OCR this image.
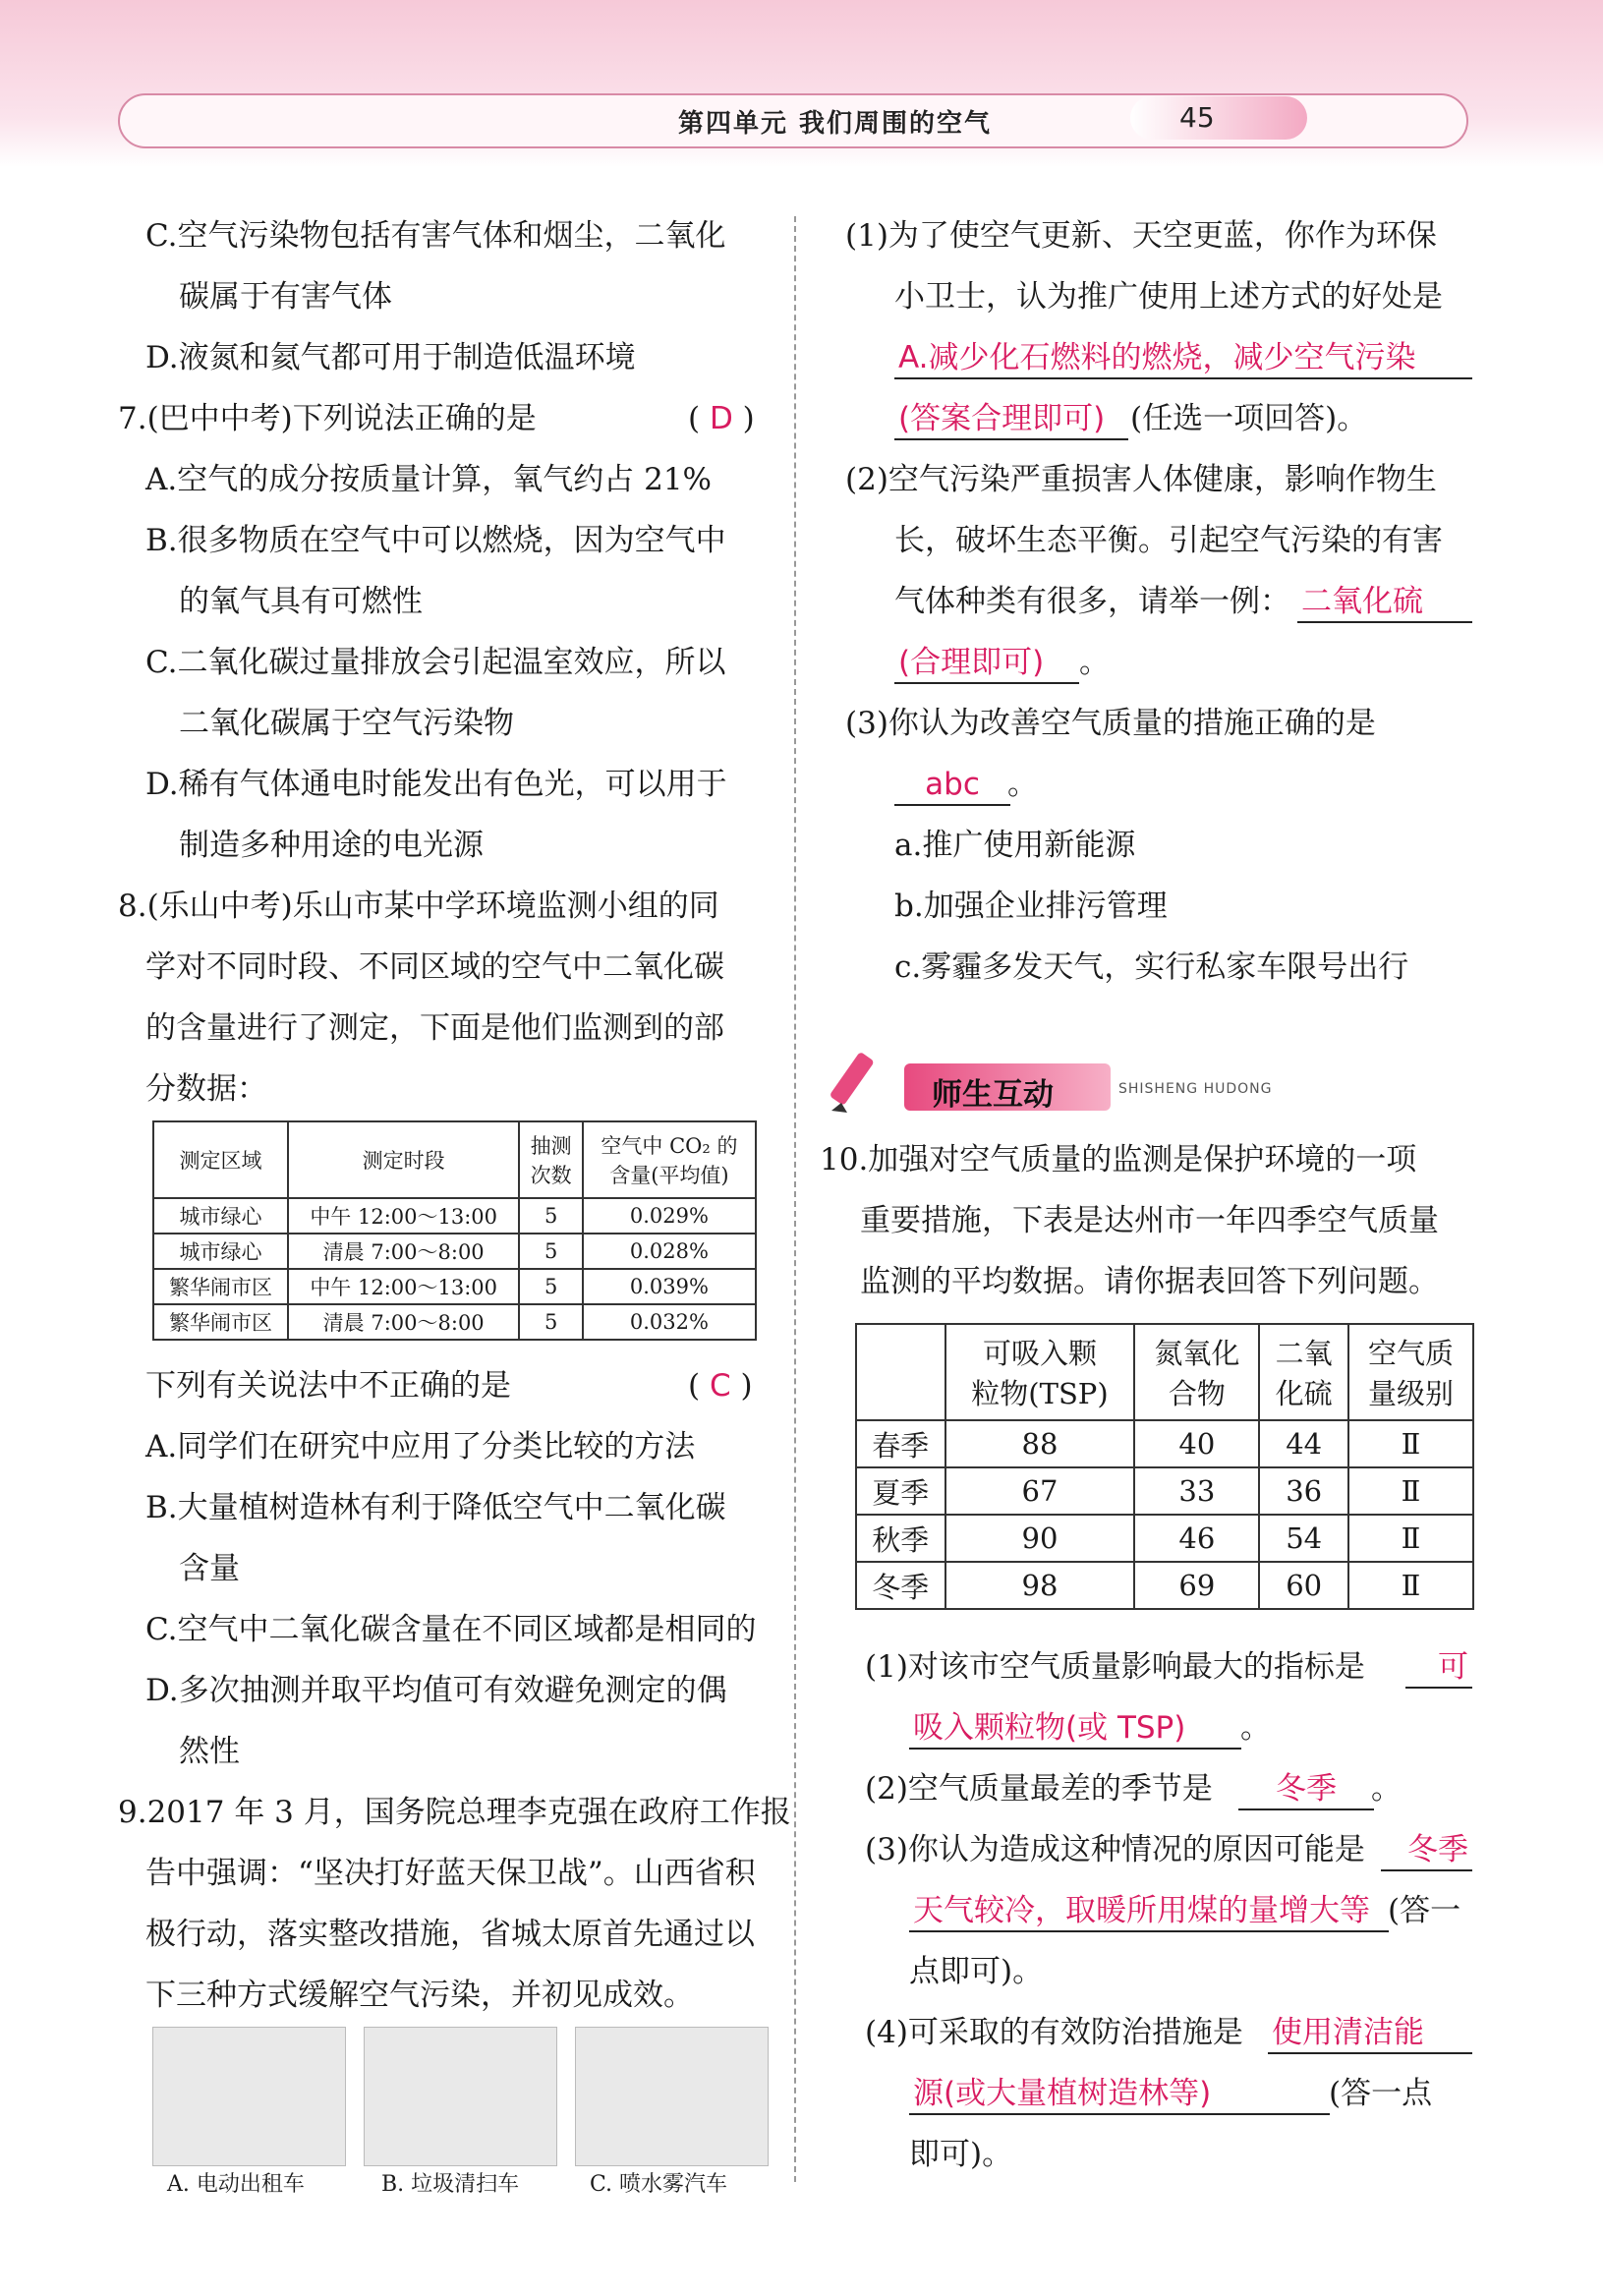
第四单元 我们周围的空气	45
C.空气污染物包括有害气体和烟尘，二氧化
碳属于有害气体
D.液氮和氦气都可用于制造低温环境
7.(巴中中考)下列说法正确的是	( D )
A.空气的成分按质量计算，氧气约占 21%
B.很多物质在空气中可以燃烧，因为空气中
的氧气具有可燃性
C.二氧化碳过量排放会引起温室效应，所以
二氧化碳属于空气污染物
D.稀有气体通电时能发出有色光，可以用于
制造多种用途的电光源
8.(乐山中考)乐山市某中学环境监测小组的同
学对不同时段、不同区域的空气中二氧化碳
的含量进行了测定，下面是他们监测到的部
分数据：
测定区域	测定时段	抽测
次数	空气中 CO₂ 的
含量(平均值)
城市绿心	中午 12:00～13:00	5	0.029%
城市绿心	清晨 7:00～8:00	5	0.028%
繁华闹市区	中午 12:00～13:00	5	0.039%
繁华闹市区	清晨 7:00～8:00	5	0.032%
下列有关说法中不正确的是	( C )
A.同学们在研究中应用了分类比较的方法
B.大量植树造林有利于降低空气中二氧化碳
含量
C.空气中二氧化碳含量在不同区域都是相同的
D.多次抽测并取平均值可有效避免测定的偶
然性
9.2017 年 3 月，国务院总理李克强在政府工作报
告中强调：“坚决打好蓝天保卫战”。山西省积
极行动，落实整改措施，省城太原首先通过以
下三种方式缓解空气污染，并初见成效。
A. 电动出租车	B. 垃圾清扫车	C. 喷水雾汽车
(1)为了使空气更新、天空更蓝，你作为环保
小卫士，认为推广使用上述方式的好处是
A.减少化石燃料的燃烧，减少空气污染
(答案合理即可) (任选一项回答)。
(2)空气污染严重损害人体健康，影响作物生
长，破坏生态平衡。引起空气污染的有害
气体种类有很多，请举一例： 二氧化硫
(合理即可)	。
(3)你认为改善空气质量的措施正确的是
abc 。
a.推广使用新能源
b.加强企业排污管理
c.雾霾多发天气，实行私家车限号出行
师生互动	SHISHENG HUDONG
10.加强对空气质量的监测是保护环境的一项
重要措施，下表是达州市一年四季空气质量
监测的平均数据。请你据表回答下列问题。
	可吸入颗
粒物(TSP)	氮氧化
合物	二氧
化硫	空气质
量级别
春季	88	40	44	Ⅱ
夏季	67	33	36	Ⅱ
秋季	90	46	54	Ⅱ
冬季	98	69	60	Ⅱ
(1)对该市空气质量影响最大的指标是	可
吸入颗粒物(或 TSP)	。
(2)空气质量最差的季节是	冬季	。
(3)你认为造成这种情况的原因可能是	冬季
天气较冷，取暖所用煤的量增大等 (答一
点即可)。
(4)可采取的有效防治措施是 使用清洁能
源(或大量植树造林等)	(答一点
即可)。
